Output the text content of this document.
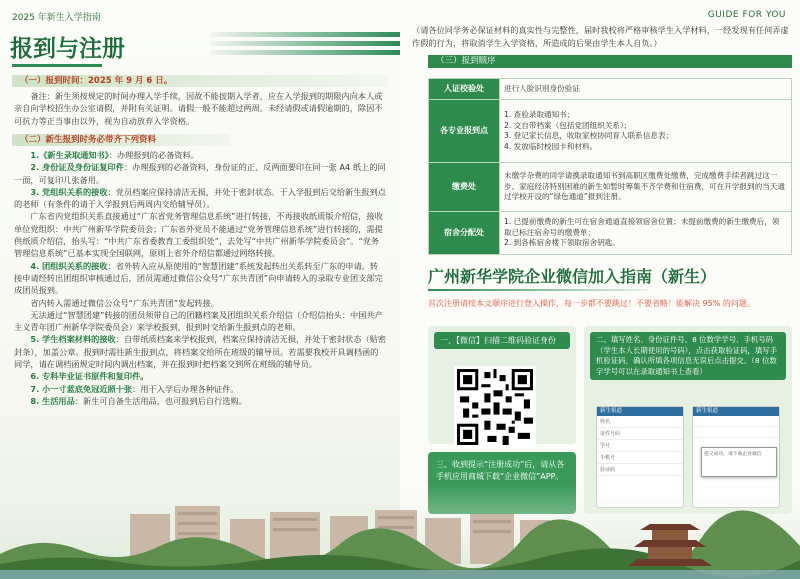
2025 年新生入学指南
报到与注册
（一）报到时间：2025 年 9 月 6 日。

备注：新生须按规定的时间办理入学手续，因故不能按期入学者，应在入学报到的期限内向本人或亲自向学校招生办公室请假，并附有关证明。请假一般不能超过两周。未经请假或请假逾期的，除因不可抗力等正当事由以外，视为自动放弃入学资格。

（二）新生报到时务必带齐下列资料

1.《新生录取通知书》：办理报到的必备资料。

2. 身份证及身份证复印件：办理报到的必备资料，身份证的正、反两面要印在同一张 A4 纸上的同一面，可复印几张备用。

3. 党组织关系的接收：党员档案应保持清洁无损，并处于密封状态。于入学报到后交给新生报到点的老师（有条件的请于入学报到后两周内交给辅导员）。

广东省内党组织关系直接通过“广东省党务管理信息系统”进行转接，不再接收纸质版介绍信，接收单位党组织：中共广州新华学院委员会；广东省外党员不能通过“党务管理信息系统”进行转接的，需提供纸质介绍信，抬头写：“中共广东省委教育工委组织处”，去处写“中共广州新华学院委员会”。“党务管理信息系统”已基本实现全国联网，原则上省外介绍信都通过网络转接。

4. 团组织关系的接收：省外转入应从原使用的“智慧团建”系统发起转出关系转至广东的申请。转接申请经转出团组织审核通过后，团员需通过微信公众号“广东共青团”向申请转入的录取专业团支部完成团员报到。

省内转入需通过微信公众号“广东共青团”发起转接。

无法通过“智慧团建”转接的团员须带自己的团籍档案及团组织关系介绍信（介绍信抬头：中国共产主义青年团广州新华学院委员会）来学校报到，报到时交给新生报到点的老师。

5. 学生档案材料的接收：自带纸质档案来学校报到，档案应保持清洁无损，并处于密封状态（贴密封条），加盖公章。报到时需往新生报到点，将档案交给所在班级的辅导员。若需要我校开具调档函的同学，请在调档函规定时间内调出档案，并在报到时把档案交到所在班级的辅导员。

6. 专科毕业证书原件和复印件。

7. 小一寸蓝底免冠近照十张：用于入学后办理各种证件。

8. 生活用品：新生可自备生活用品，也可报到后自行选购。

GUIDE FOR YOU
（请各位同学务必保证材料的真实性与完整性，届时我校将严格审核学生入学材料，一经发现有任何弄虚作假的行为，将取消学生入学资格，所造成的后果由学生本人自负。）
（三）报到顺序
人证校验处	进行人脸识别身份验证
各专业报到点	1. 查验录取通知书；
2. 交自带档案（包括党团组织关系）；
3. 登记家长信息，收取家校协同育人联系信息表；
4. 发放临时校园卡和材料。
缴费处	未缴学杂费的同学请携录取通知书到高职区缴费处缴费，完成缴费手续者跳过这一步。家庭经济特别困难的新生如暂时筹集不齐学费和住宿费，可在开学报到的当天通过学校开设的“绿色通道”报到注册。
宿舍分配处	1. 已提前缴费的新生可在宿舍通道直接领宿舍位置；未提前缴费的新生缴费后，领取已标注宿舍号的缴费单；
2. 到各栋宿舍楼下领取宿舍钥匙。
广州新华学院企业微信加入指南（新生）
首次注册请按本文顺序进行登入操作，每一步都不要跳过！不要省略！能解决 95% 的问题。
一、【微信】扫描二维码验证身份
三、收到提示“注册成功”后，请从各手机应用商城下载“企业微信”APP。
二、填写姓名、身份证件号、8 位数学学号、手机号码（学生本人长期使用的号码），点击获取验证码，填写手机验证码，确认所填各项信息无误后点击提交。（8 位数字学号可以在录取通知书上查看）
新生报道
姓名
证件号码
学号
手机号
验证码
新生报道
提交成功，请下载企业微信
